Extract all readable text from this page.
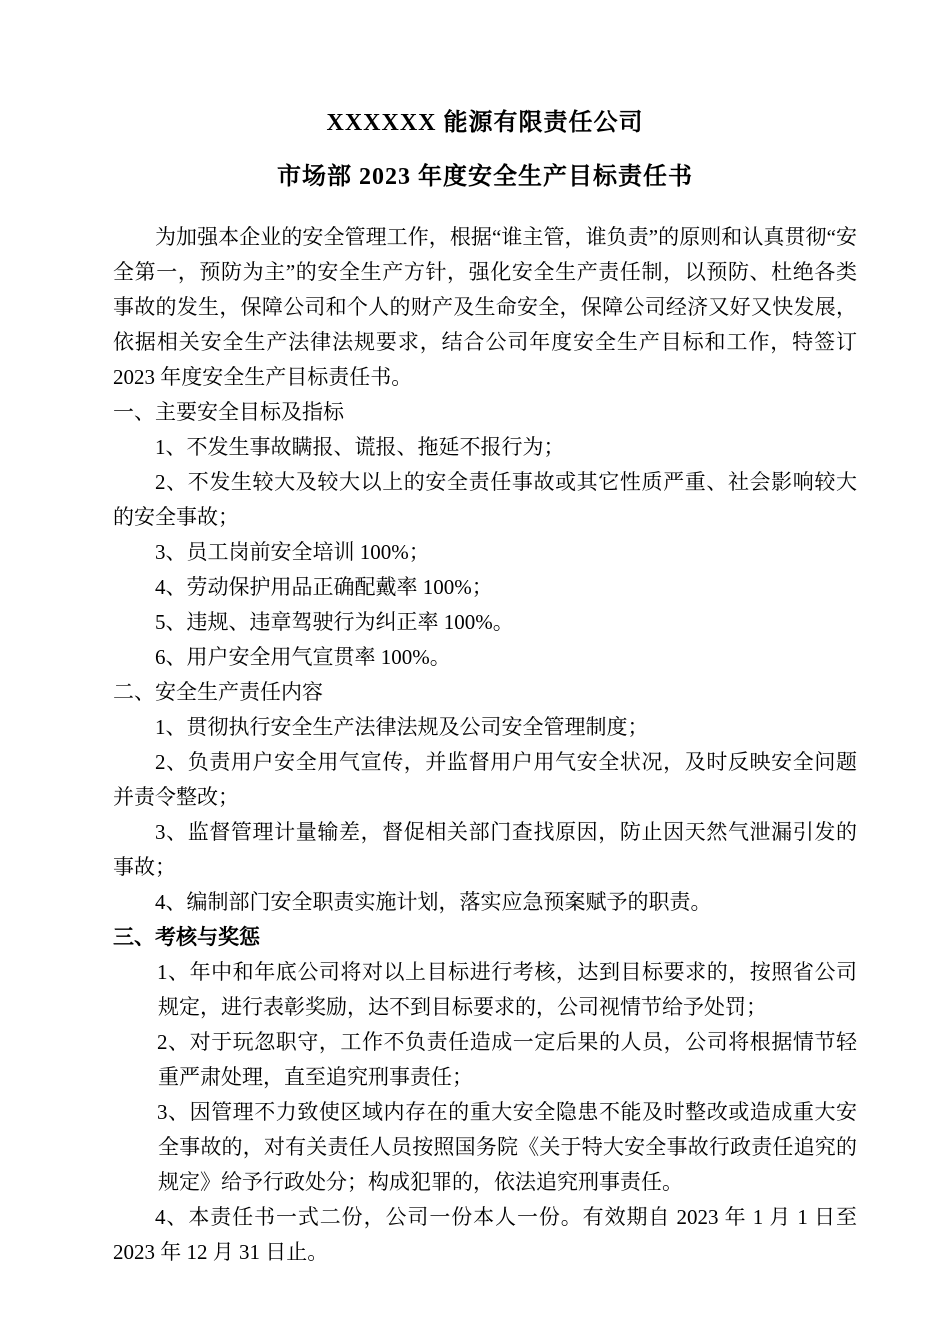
XXXXXX 能源有限责任公司
市场部 2023 年度安全生产目标责任书

为加强本企业的安全管理工作，根据“谁主管，谁负责”的原则和认真贯彻“安全第一，预防为主”的安全生产方针，强化安全生产责任制，以预防、杜绝各类事故的发生，保障公司和个人的财产及生命安全，保障公司经济又好又快发展，依据相关安全生产法律法规要求，结合公司年度安全生产目标和工作，特签订 2023 年度安全生产目标责任书。

一、主要安全目标及指标

1、不发生事故瞒报、谎报、拖延不报行为；

2、不发生较大及较大以上的安全责任事故或其它性质严重、社会影响较大的安全事故；

3、员工岗前安全培训 100%；

4、劳动保护用品正确配戴率 100%；

5、违规、违章驾驶行为纠正率 100%。

6、用户安全用气宣贯率 100%。

二、安全生产责任内容

1、贯彻执行安全生产法律法规及公司安全管理制度；

2、负责用户安全用气宣传，并监督用户用气安全状况，及时反映安全问题并责令整改；

3、监督管理计量输差，督促相关部门查找原因，防止因天然气泄漏引发的事故；

4、编制部门安全职责实施计划，落实应急预案赋予的职责。

三、考核与奖惩

1、年中和年底公司将对以上目标进行考核，达到目标要求的，按照省公司规定，进行表彰奖励，达不到目标要求的，公司视情节给予处罚；

2、对于玩忽职守，工作不负责任造成一定后果的人员，公司将根据情节轻重严肃处理，直至追究刑事责任；

3、因管理不力致使区域内存在的重大安全隐患不能及时整改或造成重大安全事故的，对有关责任人员按照国务院《关于特大安全事故行政责任追究的规定》给予行政处分；构成犯罪的，依法追究刑事责任。

4、本责任书一式二份，公司一份本人一份。有效期自 2023 年 1 月 1 日至 2023 年 12 月 31 日止。
